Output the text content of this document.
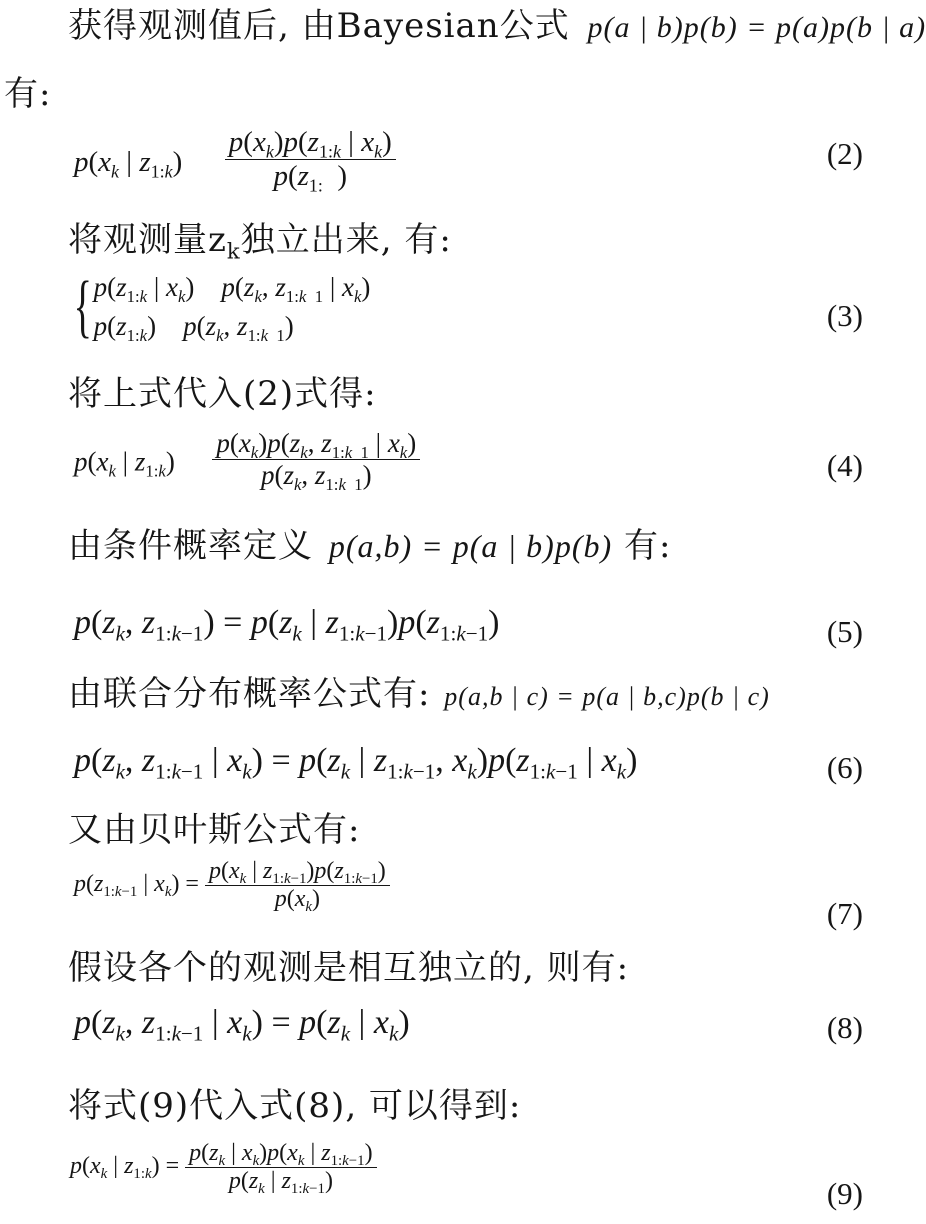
获得观测值后, 由Bayesian公式 p(a | b)p(b) = p(a)p(b | a)
有:
$p(x_k$ | $z_{1:k}) \frac{p(x_k)p(z_{1:k} | x_k)}{p(z_{1:} )}$	(2)
将观测量$z_k$独立出来, 有:
{ $p(z_{1:k}$ | $x_k$)    $p(z_k$, $z_{1:k 1}$ | $x_k$)
$p(z_{1:k})$    $p(z_k$, $z_{1:k 1}$)	(3)
将上式代入(2)式得:
$p(x_k$ | $z_{1:k}) \frac{p(x_k)p(z_k, z_{1:k 1} | x_k)}{p(z_k, z_{1:k 1})}$	(4)
由条件概率定义 p(a,b) = p(a | b)p(b) 有:
$p(z_k$, $z_{1:k-1}) = p(z_k$ | $z_{1:k-1})p(z_{1:k-1})$	(5)
由联合分布概率公式有: p(a,b | c) = p(a | b,c)p(b | c)
$p(z_k$, $z_{1:k-1}$ | $x_k) = p(z_k$ | $z_{1:k-1}$, $x_k)p(z_{1:k-1}$ | $x_k$)	(6)
又由贝叶斯公式有:
$p(z_{1:k-1}$ | $x_k) = \frac{p(x_k | z_{1:k-1})p(z_{1:k-1})}{p(x_k)}$
(7)
假设各个的观测是相互独立的, 则有:
$p(z_k$, $z_{1:k-1}$ | $x_k) = p(z_k$ | $x_k$)	(8)
将式(9)代入式(8), 可以得到:
$p(x_k$ | $z_{1:k}) = \frac{p(z_k | x_k)p(x_k | z_{1:k-1})}{p(z_k | z_{1:k-1})}$	(9)
